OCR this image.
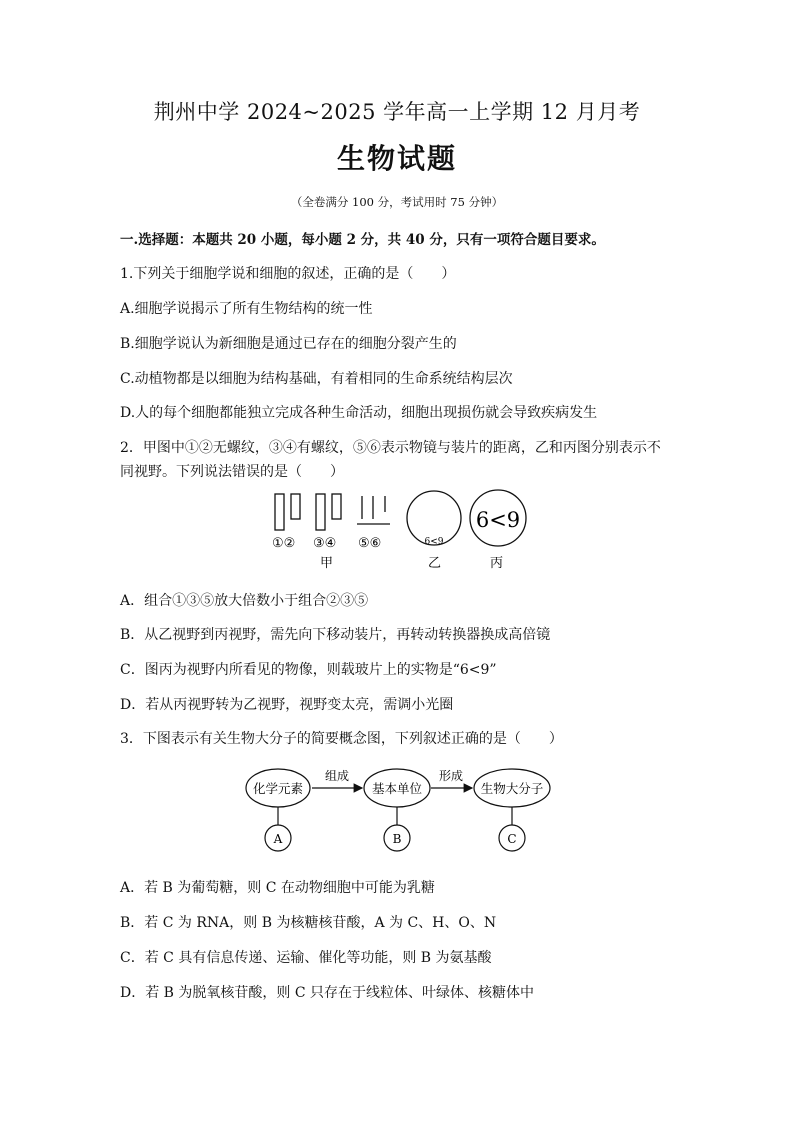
荆州中学 2024~2025 学年高一上学期 12 月月考
生物试题
（全卷满分 100 分，考试用时 75 分钟）
一.选择题：本题共 20 小题，每小题 2 分，共 40 分，只有一项符合题目要求。
1.下列关于细胞学说和细胞的叙述，正确的是（　　）
A.细胞学说揭示了所有生物结构的统一性
B.细胞学说认为新细胞是通过已存在的细胞分裂产生的
C.动植物都是以细胞为结构基础，有着相同的生命系统结构层次
D.人的每个细胞都能独立完成各种生命活动，细胞出现损伤就会导致疾病发生
2．甲图中①②无螺纹，③④有螺纹，⑤⑥表示物镜与装片的距离，乙和丙图分别表示不
同视野。下列说法错误的是（　　）
①② ③④ ⑤⑥
甲
6<9
乙
6<9
丙
A．组合①③⑤放大倍数小于组合②③⑤
B．从乙视野到丙视野，需先向下移动装片，再转动转换器换成高倍镜
C．图丙为视野内所看见的物像，则载玻片上的实物是“6<9”
D．若从丙视野转为乙视野，视野变太亮，需调小光圈
3．下图表示有关生物大分子的简要概念图，下列叙述正确的是（　　）
化学元素
组成
基本单位
形成
生物大分子
A	B	C
A．若 B 为葡萄糖，则 C 在动物细胞中可能为乳糖
B．若 C 为 RNA，则 B 为核糖核苷酸，A 为 C、H、O、N
C．若 C 具有信息传递、运输、催化等功能，则 B 为氨基酸
D．若 B 为脱氧核苷酸，则 C 只存在于线粒体、叶绿体、核糖体中
